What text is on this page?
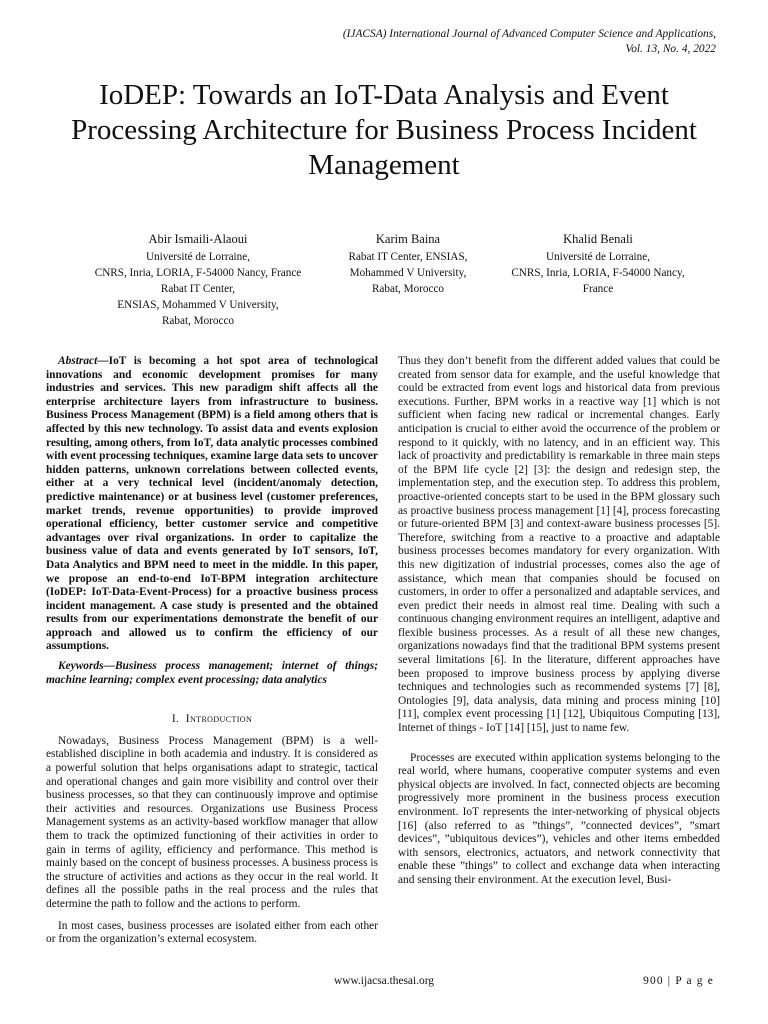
(IJACSA) International Journal of Advanced Computer Science and Applications,
Vol. 13, No. 4, 2022
IoDEP: Towards an IoT-Data Analysis and Event Processing Architecture for Business Process Incident Management
Abir Ismaili-Alaoui
Université de Lorraine,
CNRS, Inria, LORIA, F-54000 Nancy, France
Rabat IT Center,
ENSIAS, Mohammed V University,
Rabat, Morocco
Karim Baina
Rabat IT Center, ENSIAS,
Mohammed V University,
Rabat, Morocco
Khalid Benali
Université de Lorraine,
CNRS, Inria, LORIA, F-54000 Nancy,
France

Abstract—IoT is becoming a hot spot area of technological innovations and economic development promises for many industries and services. This new paradigm shift affects all the enterprise architecture layers from infrastructure to business. Business Process Management (BPM) is a field among others that is affected by this new technology. To assist data and events explosion resulting, among others, from IoT, data analytic processes combined with event processing techniques, examine large data sets to uncover hidden patterns, unknown correlations between collected events, either at a very technical level (incident/anomaly detection, predictive maintenance) or at business level (customer preferences, market trends, revenue opportunities) to provide improved operational efficiency, better customer service and competitive advantages over rival organizations. In order to capitalize the business value of data and events generated by IoT sensors, IoT, Data Analytics and BPM need to meet in the middle. In this paper, we propose an end-to-end IoT-BPM integration architecture (IoDEP: IoT-Data-Event-Process) for a proactive business process incident management. A case study is presented and the obtained results from our experimentations demonstrate the benefit of our approach and allowed us to confirm the efficiency of our assumptions.

Keywords—Business process management; internet of things; machine learning; complex event processing; data analytics

I. Introduction

Nowadays, Business Process Management (BPM) is a well-established discipline in both academia and industry. It is considered as a powerful solution that helps organisations adapt to strategic, tactical and operational changes and gain more visibility and control over their business processes, so that they can continuously improve and optimise their activities and resources. Organizations use Business Process Management systems as an activity-based workflow manager that allow them to track the optimized functioning of their activities in order to gain in terms of agility, efficiency and performance. This method is mainly based on the concept of business processes. A business process is the structure of activities and actions as they occur in the real world. It defines all the possible paths in the real process and the rules that determine the path to follow and the actions to perform.

In most cases, business processes are isolated either from each other or from the organization’s external ecosystem.

Thus they don’t benefit from the different added values that could be created from sensor data for example, and the useful knowledge that could be extracted from event logs and historical data from previous executions. Further, BPM works in a reactive way [1] which is not sufficient when facing new radical or incremental changes. Early anticipation is crucial to either avoid the occurrence of the problem or respond to it quickly, with no latency, and in an efficient way. This lack of proactivity and predictability is remarkable in three main steps of the BPM life cycle [2] [3]: the design and redesign step, the implementation step, and the execution step. To address this problem, proactive-oriented concepts start to be used in the BPM glossary such as proactive business process management [1] [4], process forecasting or future-oriented BPM [3] and context-aware business processes [5]. Therefore, switching from a reactive to a proactive and adaptable business processes becomes mandatory for every organization. With this new digitization of industrial processes, comes also the age of assistance, which mean that companies should be focused on customers, in order to offer a personalized and adaptable services, and even predict their needs in almost real time. Dealing with such a continuous changing environment requires an intelligent, adaptive and flexible business processes. As a result of all these new changes, organizations nowadays find that the traditional BPM systems present several limitations [6]. In the literature, different approaches have been proposed to improve business process by applying diverse techniques and technologies such as recommended systems [7] [8], Ontologies [9], data analysis, data mining and process mining [10] [11], complex event processing [1] [12], Ubiquitous Computing [13], Internet of things - IoT [14] [15], just to name few.

Processes are executed within application systems belonging to the real world, where humans, cooperative computer systems and even physical objects are involved. In fact, connected objects are becoming progressively more prominent in the business process execution environment. IoT represents the inter-networking of physical objects [16] (also referred to as ”things”, ”connected devices”, ”smart devices”, ”ubiquitous devices”), vehicles and other items embedded with sensors, electronics, actuators, and network connectivity that enable these ”things” to collect and exchange data when interacting and sensing their environment. At the execution level, Busi-

www.ijacsa.thesai.org	900 | P a g e
